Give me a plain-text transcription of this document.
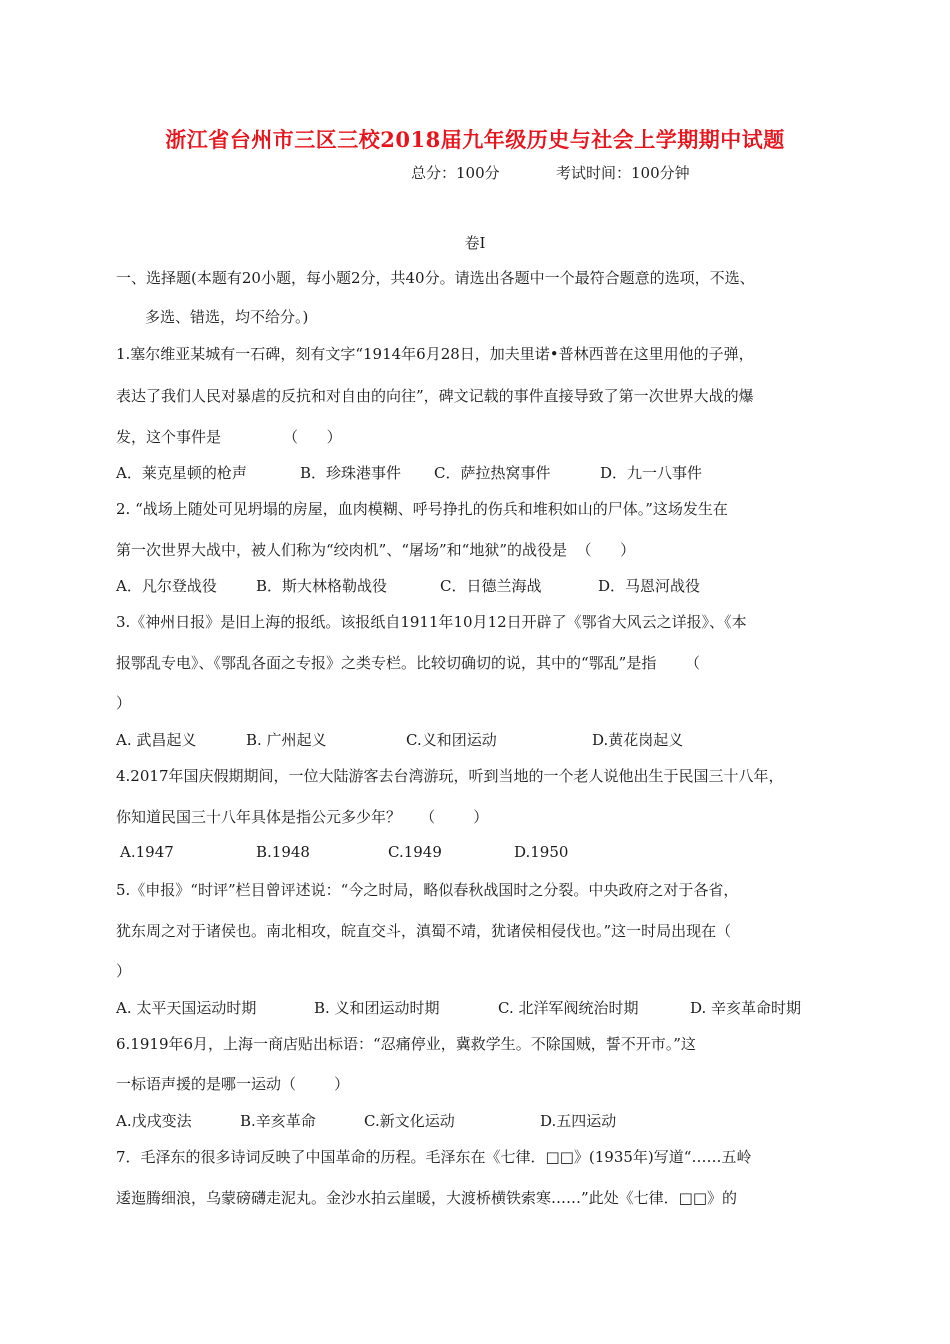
浙江省台州市三区三校2018届九年级历史与社会上学期期中试题
总分：100分	考试时间：100分钟
卷Ⅰ
一、选择题(本题有20小题，每小题2分，共40分。请选出各题中一个最符合题意的选项，不选、
多选、错选，均不给分。)
1.塞尔维亚某城有一石碑，刻有文字“1914年6月28日，加夫里诺•普林西普在这里用他的子弹，
表达了我们人民对暴虐的反抗和对自由的向往”，碑文记载的事件直接导致了第一次世界大战的爆
发，这个事件是             （      ）
A．莱克星顿的枪声	B．珍珠港事件 C．萨拉热窝事件	D．九一八事件
2. “战场上随处可见坍塌的房屋，血肉模糊、呼号挣扎的伤兵和堆积如山的尸体。”这场发生在
第一次世界大战中，被人们称为“绞肉机”、“屠场”和“地狱”的战役是  （      ）
A．凡尔登战役	B．斯大林格勒战役	C．日德兰海战	D．马恩河战役
3.《神州日报》是旧上海的报纸。该报纸自1911年10月12日开辟了《鄂省大风云之详报》、《本
报鄂乱专电》、《鄂乱各面之专报》之类专栏。比较切确切的说，其中的“鄂乱”是指      （
）
A. 武昌起义	B. 广州起义	C.义和团运动	D.黄花岗起义
4.2017年国庆假期期间，一位大陆游客去台湾游玩，听到当地的一个老人说他出生于民国三十八年，
你知道民国三十八年具体是指公元多少年？    （        ）
A.1947	B.1948	C.1949	D.1950
5.《申报》“时评”栏目曾评述说：“今之时局，略似春秋战国时之分裂。中央政府之对于各省，
犹东周之对于诸侯也。南北相攻，皖直交斗，滇蜀不靖，犹诸侯相侵伐也。”这一时局出现在（
）
A. 太平天国运动时期	B. 义和团运动时期	C. 北洋军阀统治时期	D. 辛亥革命时期
6.1919年6月，上海一商店贴出标语：“忍痛停业，冀救学生。不除国贼，誓不开市。”这
一标语声援的是哪一运动（        ）
A.戊戌变法	B.辛亥革命	C.新文化运动	D.五四运动
7．毛泽东的很多诗词反映了中国革命的历程。毛泽东在《七律．□□》(1935年)写道“……五岭
逶迤腾细浪，乌蒙磅礴走泥丸。金沙水拍云崖暖，大渡桥横铁索寒……”此处《七律．□□》的
